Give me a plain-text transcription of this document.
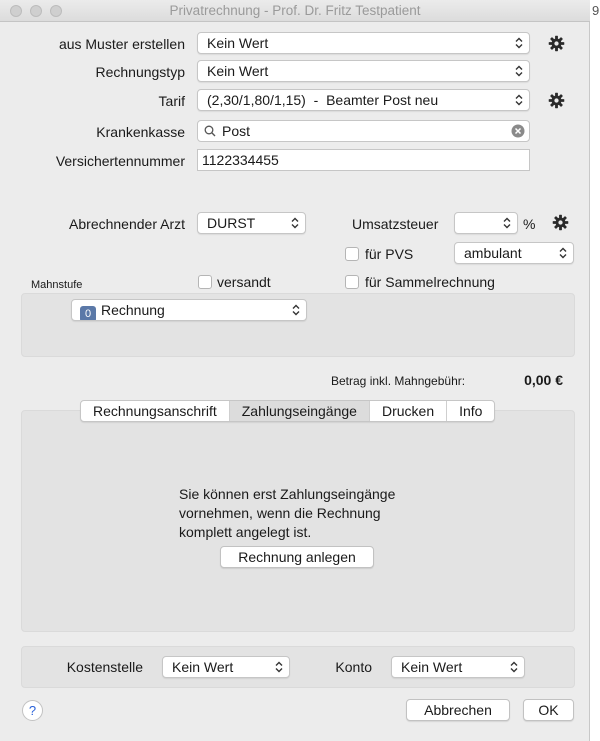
Privatrechnung - Prof. Dr. Fritz Testpatient
aus Muster erstellen	Kein Wert
Rechnungstyp	Kein Wert
Tarif	(2,30/1,80/1,15)  -  Beamter Post neu
Krankenkasse	Post
Versichertennummer	1122334455
Abrechnender Arzt	DURST	Umsatzsteuer	%
für PVS	ambulant
versandt	für Sammelrechnung
Mahnstufe
0 Rechnung
Betrag inkl. Mahngebühr:	0,00 €
Rechnungsanschrift	Zahlungseingänge	Drucken	Info
Sie können erst Zahlungseingänge
vornehmen, wenn die Rechnung
komplett angelegt ist.
Rechnung anlegen
Kostenstelle	Kein Wert	Konto	Kein Wert
?	Abbrechen	OK
9
